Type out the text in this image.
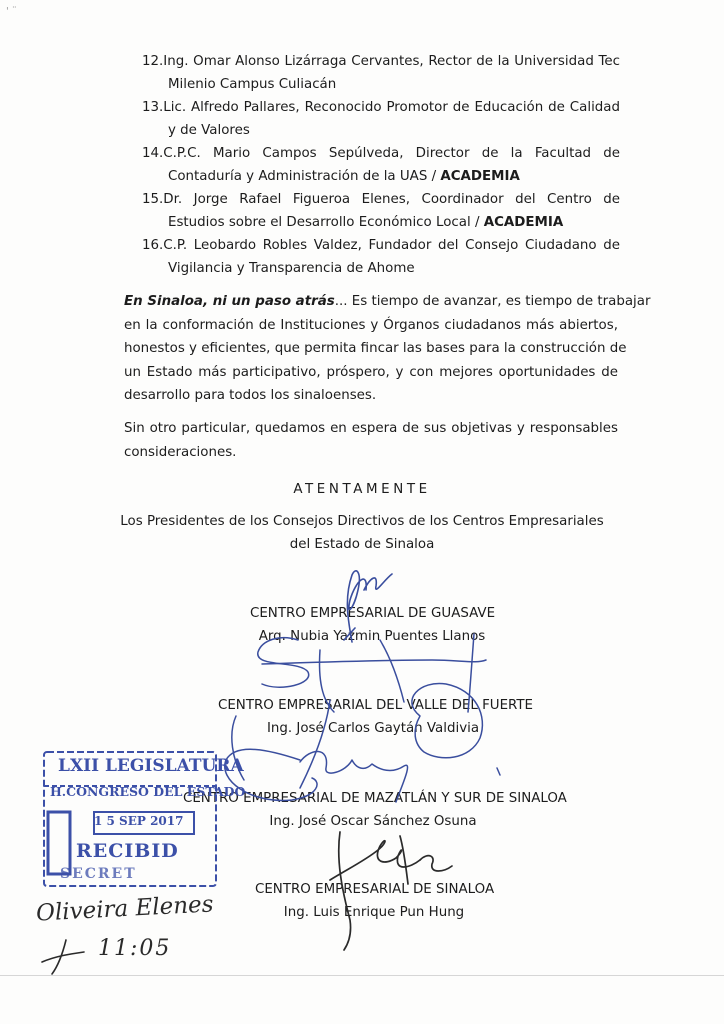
' ¨
12.Ing. Omar Alonso Lizárraga Cervantes, Rector de la Universidad Tec
Milenio Campus Culiacán
13.Lic. Alfredo Pallares, Reconocido Promotor de Educación de Calidad
y de Valores
14.C.P.C. Mario Campos Sepúlveda, Director de la Facultad de
Contaduría y Administración de la UAS / ACADEMIA
15.Dr. Jorge Rafael Figueroa Elenes, Coordinador del Centro de
Estudios sobre el Desarrollo Económico Local / ACADEMIA
16.C.P. Leobardo Robles Valdez, Fundador del Consejo Ciudadano de
Vigilancia y Transparencia de Ahome
En Sinaloa, ni un paso atrás... Es tiempo de avanzar, es tiempo de trabajar
en la conformación de Instituciones y Órganos ciudadanos más abiertos,
honestos y eficientes, que permita fincar las bases para la construcción de
un Estado más participativo, próspero, y con mejores oportunidades de
desarrollo para todos los sinaloenses.
Sin otro particular, quedamos en espera de sus objetivas y responsables
consideraciones.
ATENTAMENTE
Los Presidentes de los Consejos Directivos de los Centros Empresariales
del Estado de Sinaloa
CENTRO EMPRESARIAL DE GUASAVE
Arq. Nubia Yazmin Puentes Llanos
CENTRO EMPRESARIAL DEL VALLE DEL FUERTE
Ing. José Carlos Gaytán Valdivia
CENTRO EMPRESARIAL DE MAZATLÁN Y SUR DE SINALOA
Ing. José Oscar Sánchez Osuna
CENTRO EMPRESARIAL DE SINALOA
Ing. Luis Enrique Pun Hung
LXII LEGISLATURA
H.CONGRESO DEL ESTADO
1 5 SEP 2017
RECIBID
SECRET
Oliveira Elenes
11:05
